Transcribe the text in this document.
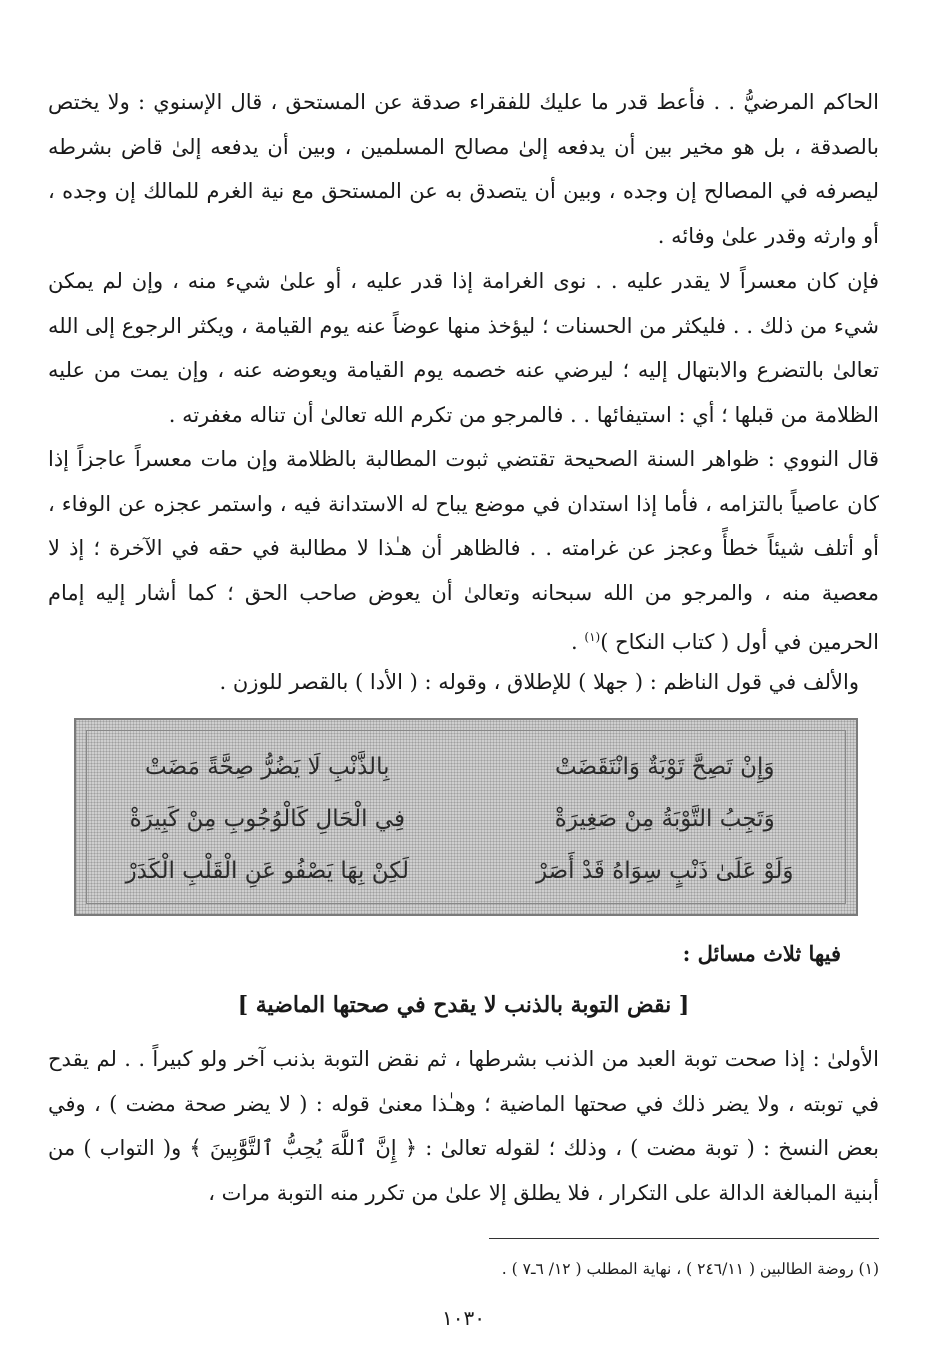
الحاكم المرضيُّ . . فأعط قدر ما عليك للفقراء صدقة عن المستحق ، قال الإسنوي : ولا يختص بالصدقة ، بل هو مخير بين أن يدفعه إلىٰ مصالح المسلمين ، وبين أن يدفعه إلىٰ قاض بشرطه ليصرفه في المصالح إن وجده ، وبين أن يتصدق به عن المستحق مع نية الغرم للمالك إن وجده ، أو وارثه وقدر علىٰ وفائه .

فإن كان معسراً لا يقدر عليه . . نوى الغرامة إذا قدر عليه ، أو علىٰ شيء منه ، وإن لم يمكن شيء من ذلك . . فليكثر من الحسنات ؛ ليؤخذ منها عوضاً عنه يوم القيامة ، ويكثر الرجوع إلى الله تعالىٰ بالتضرع والابتهال إليه ؛ ليرضي عنه خصمه يوم القيامة ويعوضه عنه ، وإن يمت من عليه الظلامة من قبلها ؛ أي : استيفائها . . فالمرجو من تكرم الله تعالىٰ أن تناله مغفرته .

قال النووي : ظواهر السنة الصحيحة تقتضي ثبوت المطالبة بالظلامة وإن مات معسراً عاجزاً إذا كان عاصياً بالتزامه ، فأما إذا استدان في موضع يباح له الاستدانة فيه ، واستمر عجزه عن الوفاء ، أو أتلف شيئاً خطأً وعجز عن غرامته . . فالظاهر أن هـٰذا لا مطالبة في حقه في الآخرة ؛ إذ لا معصية منه ، والمرجو من الله سبحانه وتعالىٰ أن يعوض صاحب الحق ؛ كما أشار إليه إمام الحرمين في أول ( كتاب النكاح )$^{(١)}$ .

والألف في قول الناظم : ( جهلا ) للإطلاق ، وقوله : ( الأدا ) بالقصر للوزن .

وَإِنْ تَصِحَّ تَوْبَةٌ وَانْتَقَضَتْ
بِالذَّنْبِ لَا يَضُرُّ صِحَّةً مَضَتْ
وَتَجِبُ التَّوْبَةُ مِنْ صَغِيرَةْ
فِي الْحَالِ كَالْوُجُوبِ مِنْ كَبِيرَةْ
وَلَوْ عَلَىٰ ذَنْبٍ سِوَاهُ قَدْ أَصَرْ
لَكِنْ بِهَا يَصْفُو عَنِ الْقَلْبِ الْكَدَرْ

فيها ثلاث مسائل :

[ نقض التوبة بالذنب لا يقدح في صحتها الماضية ]

الأولىٰ : إذا صحت توبة العبد من الذنب بشرطها ، ثم نقض التوبة بذنب آخر ولو كبيراً . . لم يقدح في توبته ، ولا يضر ذلك في صحتها الماضية ؛ وهـٰذا معنىٰ قوله : ( لا يضر صحة مضت ) ، وفي بعض النسخ : ( توبة مضت ) ، وذلك ؛ لقوله تعالىٰ : ﴿ إِنَّ ٱللَّهَ يُحِبُّ ٱلتَّوَّٰبِينَ ﴾ و( التواب ) من أبنية المبالغة الدالة على التكرار ، فلا يطلق إلا علىٰ من تكرر منه التوبة مرات ،

(١) روضة الطالبين ( ٢٤٦/١١ ) ، نهاية المطلب ( ١٢/ ٦ـ٧ ) .

١٠٣٠
